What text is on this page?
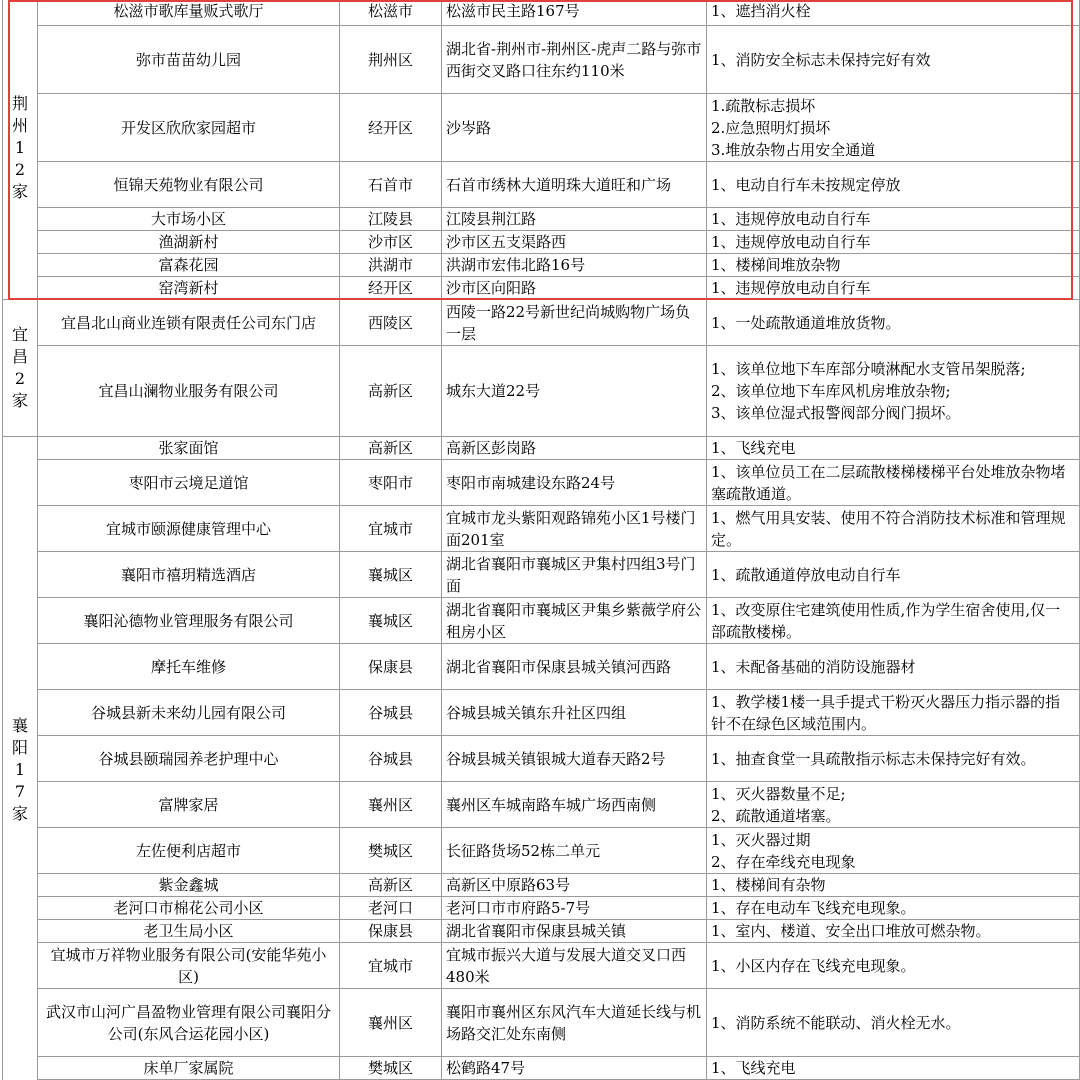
荆州12家	松滋市歌库量贩式歌厅	松滋市	松滋市民主路167号	1、遮挡消火栓
	弥市苗苗幼儿园	荆州区	湖北省-荆州市-荆州区-虎声二路与弥市西街交叉路口往东约110米	1、消防安全标志未保持完好有效
	开发区欣欣家园超市	经开区	沙岑路	1.疏散标志损坏
2.应急照明灯损坏
3.堆放杂物占用安全通道
	恒锦天苑物业有限公司	石首市	石首市绣林大道明珠大道旺和广场	1、电动自行车未按规定停放
	大市场小区	江陵县	江陵县荆江路	1、违规停放电动自行车
	渔湖新村	沙市区	沙市区五支渠路西	1、违规停放电动自行车
	富森花园	洪湖市	洪湖市宏伟北路16号	1、楼梯间堆放杂物
	窑湾新村	经开区	沙市区向阳路	1、违规停放电动自行车
宜昌2家	宜昌北山商业连锁有限责任公司东门店	西陵区	西陵一路22号新世纪尚城购物广场负一层	1、一处疏散通道堆放货物。
	宜昌山澜物业服务有限公司	高新区	城东大道22号	1、该单位地下车库部分喷淋配水支管吊架脱落;
2、该单位地下车库风机房堆放杂物;
3、该单位湿式报警阀部分阀门损坏。
襄阳17家	张家面馆	高新区	高新区彭岗路	1、飞线充电
	枣阳市云境足道馆	枣阳市	枣阳市南城建设东路24号	1、该单位员工在二层疏散楼梯楼梯平台处堆放杂物堵塞疏散通道。
	宜城市颐源健康管理中心	宜城市	宜城市龙头紫阳观路锦苑小区1号楼门面201室	1、燃气用具安装、使用不符合消防技术标准和管理规定。
	襄阳市禧玥精选酒店	襄城区	湖北省襄阳市襄城区尹集村四组3号门面	1、疏散通道停放电动自行车
	襄阳沁德物业管理服务有限公司	襄城区	湖北省襄阳市襄城区尹集乡紫薇学府公租房小区	1、改变原住宅建筑使用性质,作为学生宿舍使用,仅一部疏散楼梯。
	摩托车维修	保康县	湖北省襄阳市保康县城关镇河西路	1、未配备基础的消防设施器材
	谷城县新未来幼儿园有限公司	谷城县	谷城县城关镇东升社区四组	1、教学楼1楼一具手提式干粉灭火器压力指示器的指针不在绿色区域范围内。
	谷城县颐瑞园养老护理中心	谷城县	谷城县城关镇银城大道春天路2号	1、抽查食堂一具疏散指示标志未保持完好有效。
	富牌家居	襄州区	襄州区车城南路车城广场西南侧	1、灭火器数量不足;
2、疏散通道堵塞。
	左佐便利店超市	樊城区	长征路货场52栋二单元	1、灭火器过期
2、存在牵线充电现象
	紫金鑫城	高新区	高新区中原路63号	1、楼梯间有杂物
	老河口市棉花公司小区	老河口	老河口市市府路5-7号	1、存在电动车飞线充电现象。
	老卫生局小区	保康县	湖北省襄阳市保康县城关镇	1、室内、楼道、安全出口堆放可燃杂物。
	宜城市万祥物业服务有限公司(安能华苑小区)	宜城市	宜城市振兴大道与发展大道交叉口西480米	1、小区内存在飞线充电现象。
	武汉市山河广昌盈物业管理有限公司襄阳分公司(东风合运花园小区)	襄州区	襄阳市襄州区东风汽车大道延长线与机场路交汇处东南侧	1、消防系统不能联动、消火栓无水。
	床单厂家属院	樊城区	松鹤路47号	1、飞线充电
